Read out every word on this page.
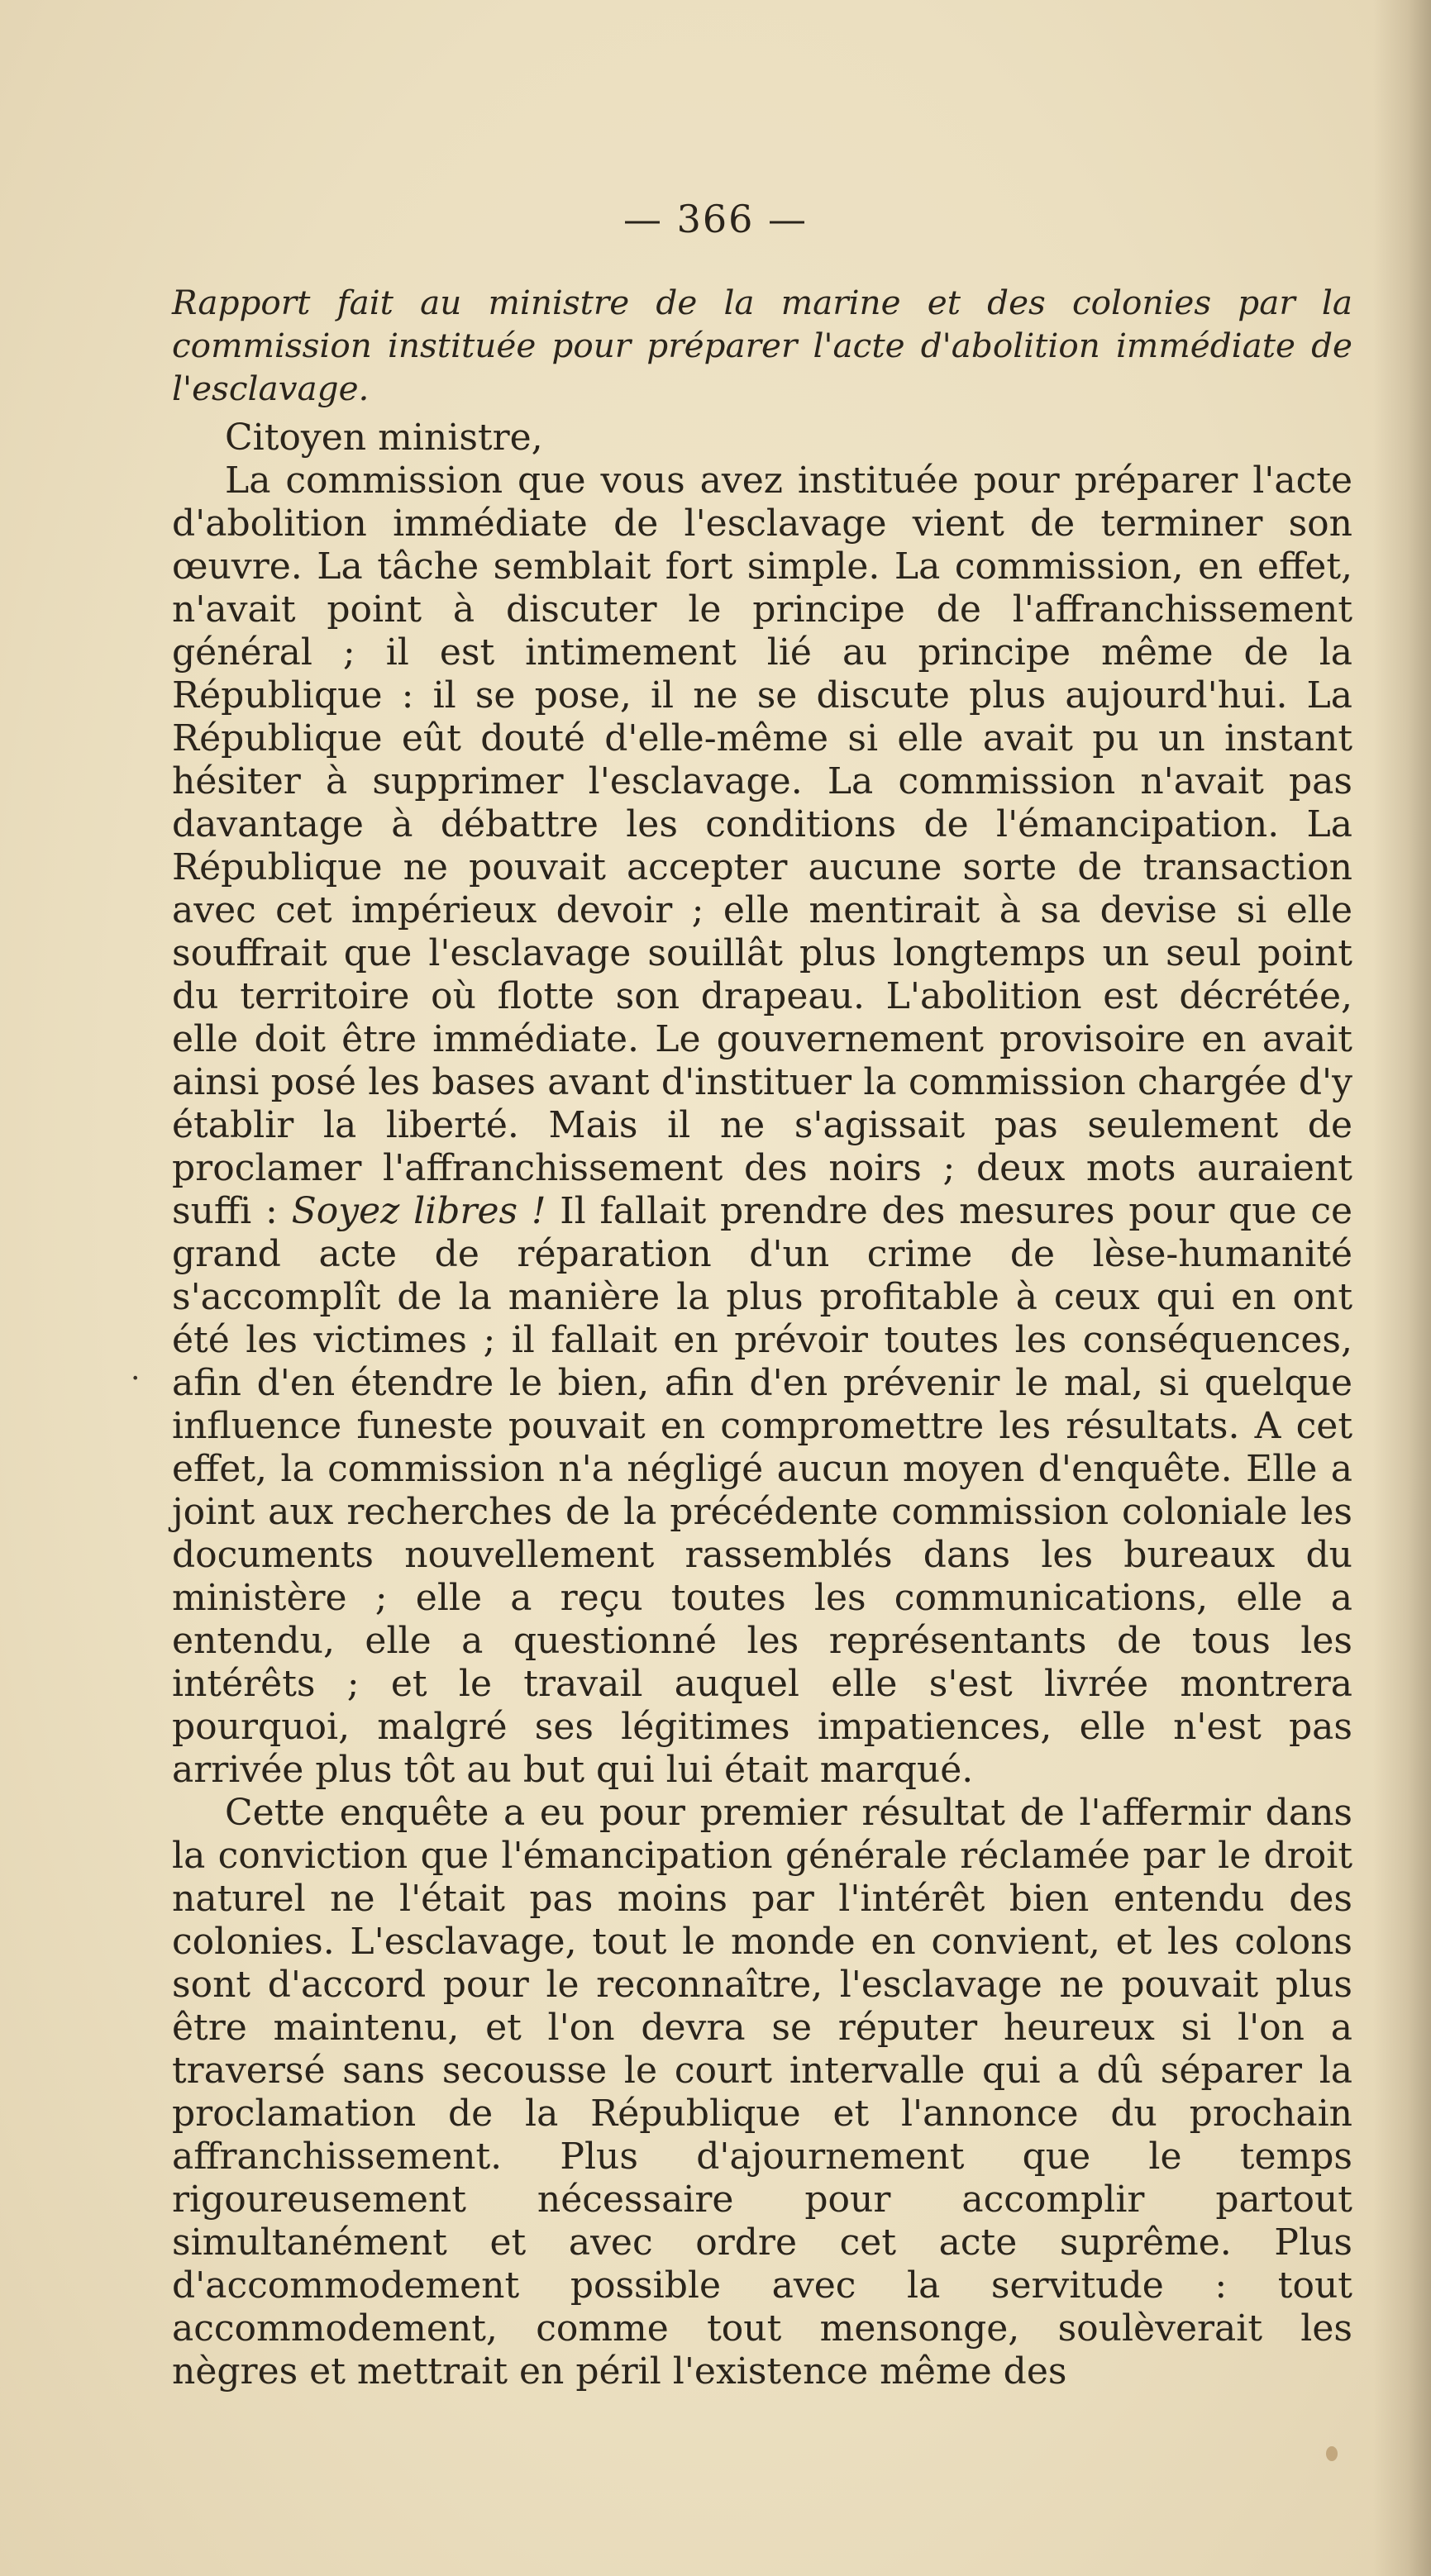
— 366 —
·

Rapport fait au ministre de la marine et des colonies par la commission instituée pour préparer l'acte d'abolition immédiate de l'esclavage.

Citoyen ministre,

La commission que vous avez instituée pour préparer l'acte d'abolition immédiate de l'esclavage vient de terminer son œuvre. La tâche semblait fort simple. La commission, en effet, n'avait point à discuter le principe de l'affranchissement général ; il est intimement lié au principe même de la République : il se pose, il ne se discute plus aujourd'hui. La République eût douté d'elle-même si elle avait pu un instant hésiter à supprimer l'esclavage. La commission n'avait pas davantage à débattre les conditions de l'émancipation. La République ne pouvait accepter aucune sorte de transaction avec cet impérieux devoir ; elle mentirait à sa devise si elle souffrait que l'esclavage souillât plus longtemps un seul point du territoire où flotte son drapeau. L'abolition est décrétée, elle doit être immédiate. Le gouvernement provisoire en avait ainsi posé les bases avant d'instituer la commission chargée d'y établir la liberté. Mais il ne s'agissait pas seulement de proclamer l'affranchissement des noirs ; deux mots auraient suffi : Soyez libres ! Il fallait prendre des mesures pour que ce grand acte de réparation d'un crime de lèse-humanité s'accomplît de la manière la plus profitable à ceux qui en ont été les victimes ; il fallait en prévoir toutes les conséquences, afin d'en étendre le bien, afin d'en prévenir le mal, si quelque influence funeste pouvait en compromettre les résultats. A cet effet, la commission n'a négligé aucun moyen d'enquête. Elle a joint aux recherches de la précédente commission coloniale les documents nouvellement rassemblés dans les bureaux du ministère ; elle a reçu toutes les communications, elle a entendu, elle a questionné les représentants de tous les intérêts ; et le travail auquel elle s'est livrée montrera pourquoi, malgré ses légitimes impatiences, elle n'est pas arrivée plus tôt au but qui lui était marqué.

Cette enquête a eu pour premier résultat de l'affermir dans la conviction que l'émancipation générale réclamée par le droit naturel ne l'était pas moins par l'intérêt bien entendu des colonies. L'esclavage, tout le monde en convient, et les colons sont d'accord pour le reconnaître, l'esclavage ne pouvait plus être maintenu, et l'on devra se réputer heureux si l'on a traversé sans secousse le court intervalle qui a dû séparer la proclamation de la République et l'annonce du prochain affranchissement. Plus d'ajournement que le temps rigoureusement nécessaire pour accomplir partout simultanément et avec ordre cet acte suprême. Plus d'accommodement possible avec la servitude : tout accommodement, comme tout mensonge, soulèverait les nègres et mettrait en péril l'existence même des
